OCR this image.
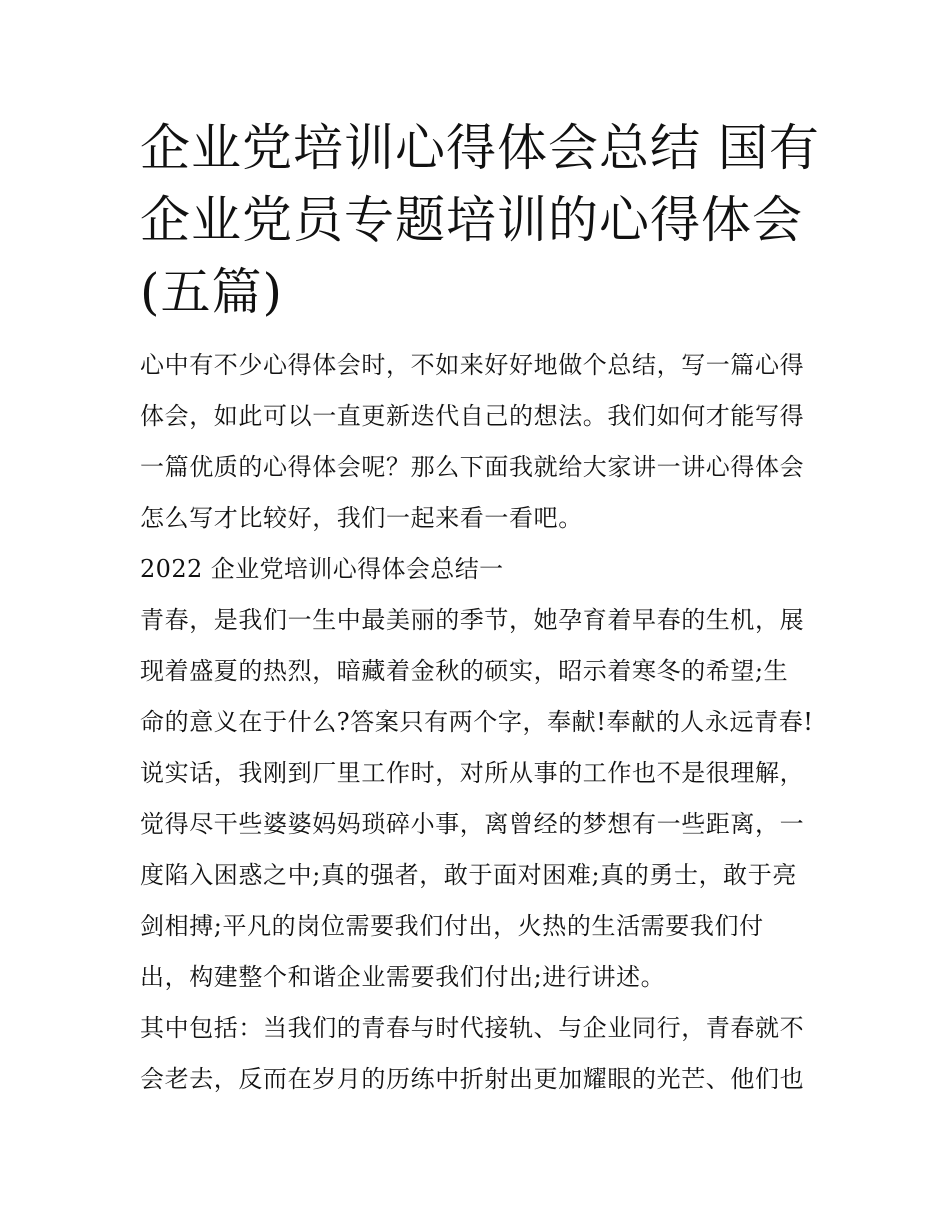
企业党培训心得体会总结 国有
企业党员专题培训的心得体会
(五篇)
心中有不少心得体会时，不如来好好地做个总结，写一篇心得
体会，如此可以一直更新迭代自己的想法。我们如何才能写得
一篇优质的心得体会呢？那么下面我就给大家讲一讲心得体会
怎么写才比较好，我们一起来看一看吧。
2022 企业党培训心得体会总结一
青春，是我们一生中最美丽的季节，她孕育着早春的生机，展
现着盛夏的热烈，暗藏着金秋的硕实，昭示着寒冬的希望;生
命的意义在于什么?答案只有两个字，奉献!奉献的人永远青春!
说实话，我刚到厂里工作时，对所从事的工作也不是很理解，
觉得尽干些婆婆妈妈琐碎小事，离曾经的梦想有一些距离，一
度陷入困惑之中;真的强者，敢于面对困难;真的勇士，敢于亮
剑相搏;平凡的岗位需要我们付出，火热的生活需要我们付
出，构建整个和谐企业需要我们付出;进行讲述。
其中包括：当我们的青春与时代接轨、与企业同行，青春就不
会老去，反而在岁月的历练中折射出更加耀眼的光芒、他们也
